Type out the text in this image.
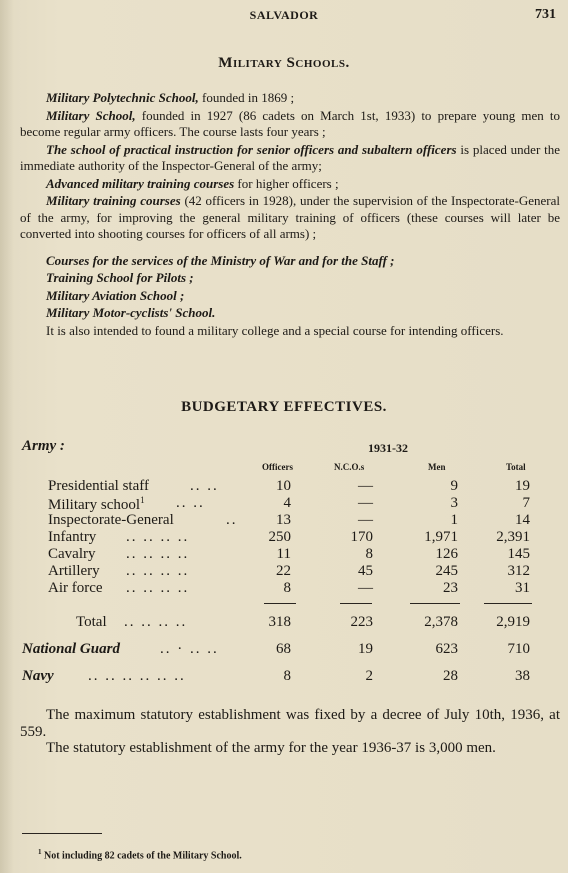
SALVADOR	731
Military Schools.

Military Polytechnic School, founded in 1869 ;

Military School, founded in 1927 (86 cadets on March 1st, 1933) to prepare young men to become regular army officers. The course lasts four years ;

The school of practical instruction for senior officers and subaltern officers is placed under the immediate authority of the Inspector-General of the army;

Advanced military training courses for higher officers ;

Military training courses (42 officers in 1928), under the supervision of the Inspectorate-General of the army, for improving the general military training of officers (these courses will later be converted into shooting courses for officers of all arms) ;

Courses for the services of the Ministry of War and for the Staff ;

Training School for Pilots ;

Military Aviation School ;

Military Motor-cyclists' School.

It is also intended to found a military college and a special course for intending officers.

BUDGETARY EFFECTIVES.
Army :	1931-32
Officers	N.C.O.s	Men	Total
Presidential staff	.. ..	10	—	9	19
Military school$^1$ .. ..	4	—	3	7
Inspectorate-General	..	13	—	1	14
Infantry .. .. .. ..	250	170	1,971	2,391
Cavalry .. .. .. ..	11	8	126	145
Artillery .. .. .. ..	22	45	245	312
Air force .. .. .. ..	8	—	23	31
Total .. .. .. ..	318	223	2,378	2,919
National Guard	.. · .. ..	68	19	623	710
Navy .. .. .. .. .. ..	8	2	28	38

The maximum statutory establishment was fixed by a decree of July 10th, 1936, at 559.

The statutory establishment of the army for the year 1936-37 is 3,000 men.

$^1$ Not including 82 cadets of the Military School.
